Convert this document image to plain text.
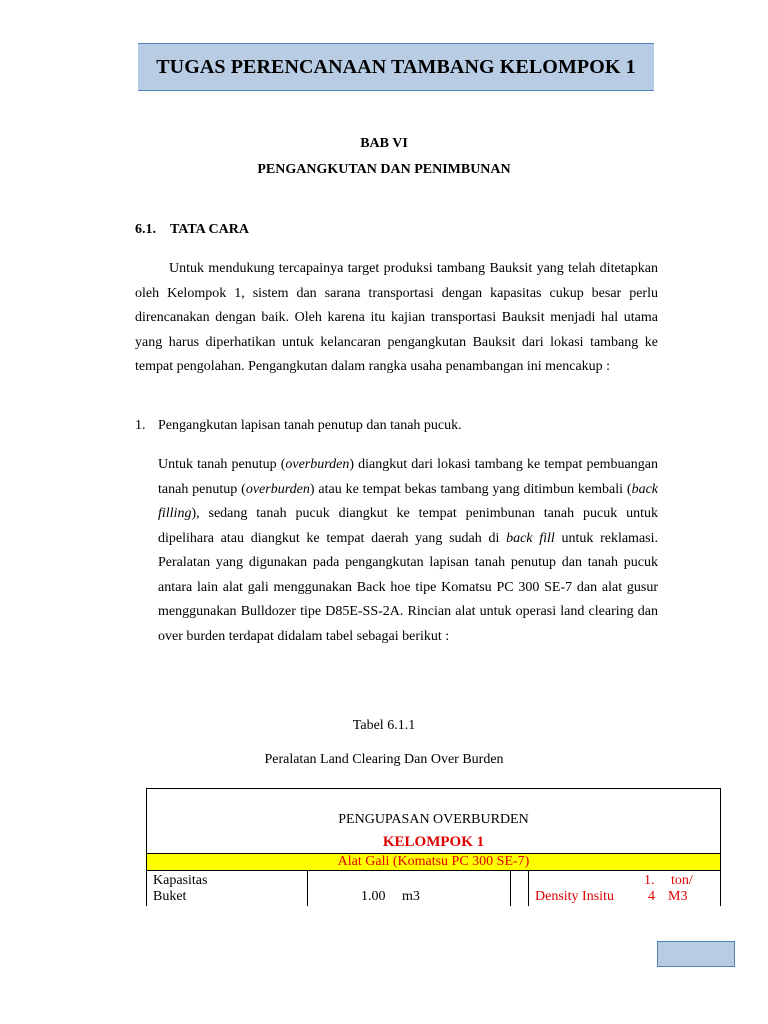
TUGAS PERENCANAAN TAMBANG KELOMPOK 1
BAB VI
PENGANGKUTAN DAN PENIMBUNAN
6.1. TATA CARA

Untuk mendukung tercapainya target produksi tambang Bauksit yang telah ditetapkan oleh Kelompok 1, sistem dan sarana transportasi dengan kapasitas cukup besar perlu direncanakan dengan baik. Oleh karena itu kajian transportasi Bauksit menjadi hal utama yang harus diperhatikan untuk kelancaran pengangkutan Bauksit dari lokasi tambang ke tempat pengolahan. Pengangkutan dalam rangka usaha penambangan ini mencakup :

1. Pengangkutan lapisan tanah penutup dan tanah pucuk.

Untuk tanah penutup (overburden) diangkut dari lokasi tambang ke tempat pembuangan tanah penutup (overburden) atau ke tempat bekas tambang yang ditimbun kembali (back filling), sedang tanah pucuk diangkut ke tempat penimbunan tanah pucuk untuk dipelihara atau diangkut ke tempat daerah yang sudah di back fill untuk reklamasi. Peralatan yang digunakan pada pengangkutan lapisan tanah penutup dan tanah pucuk antara lain alat gali menggunakan Back hoe tipe Komatsu PC 300 SE-7 dan alat gusur menggunakan Bulldozer tipe D85E-SS-2A. Rincian alat untuk operasi land clearing dan over burden terdapat didalam tabel sebagai berikut :

Tabel 6.1.1
Peralatan Land Clearing Dan Over Burden
PENGUPASAN OVERBURDEN
KELOMPOK 1
Alat Gali (Komatsu PC 300 SE-7)
Kapasitas
Buket	1.00 m3	Density Insitu
1.
4
ton/
M3
